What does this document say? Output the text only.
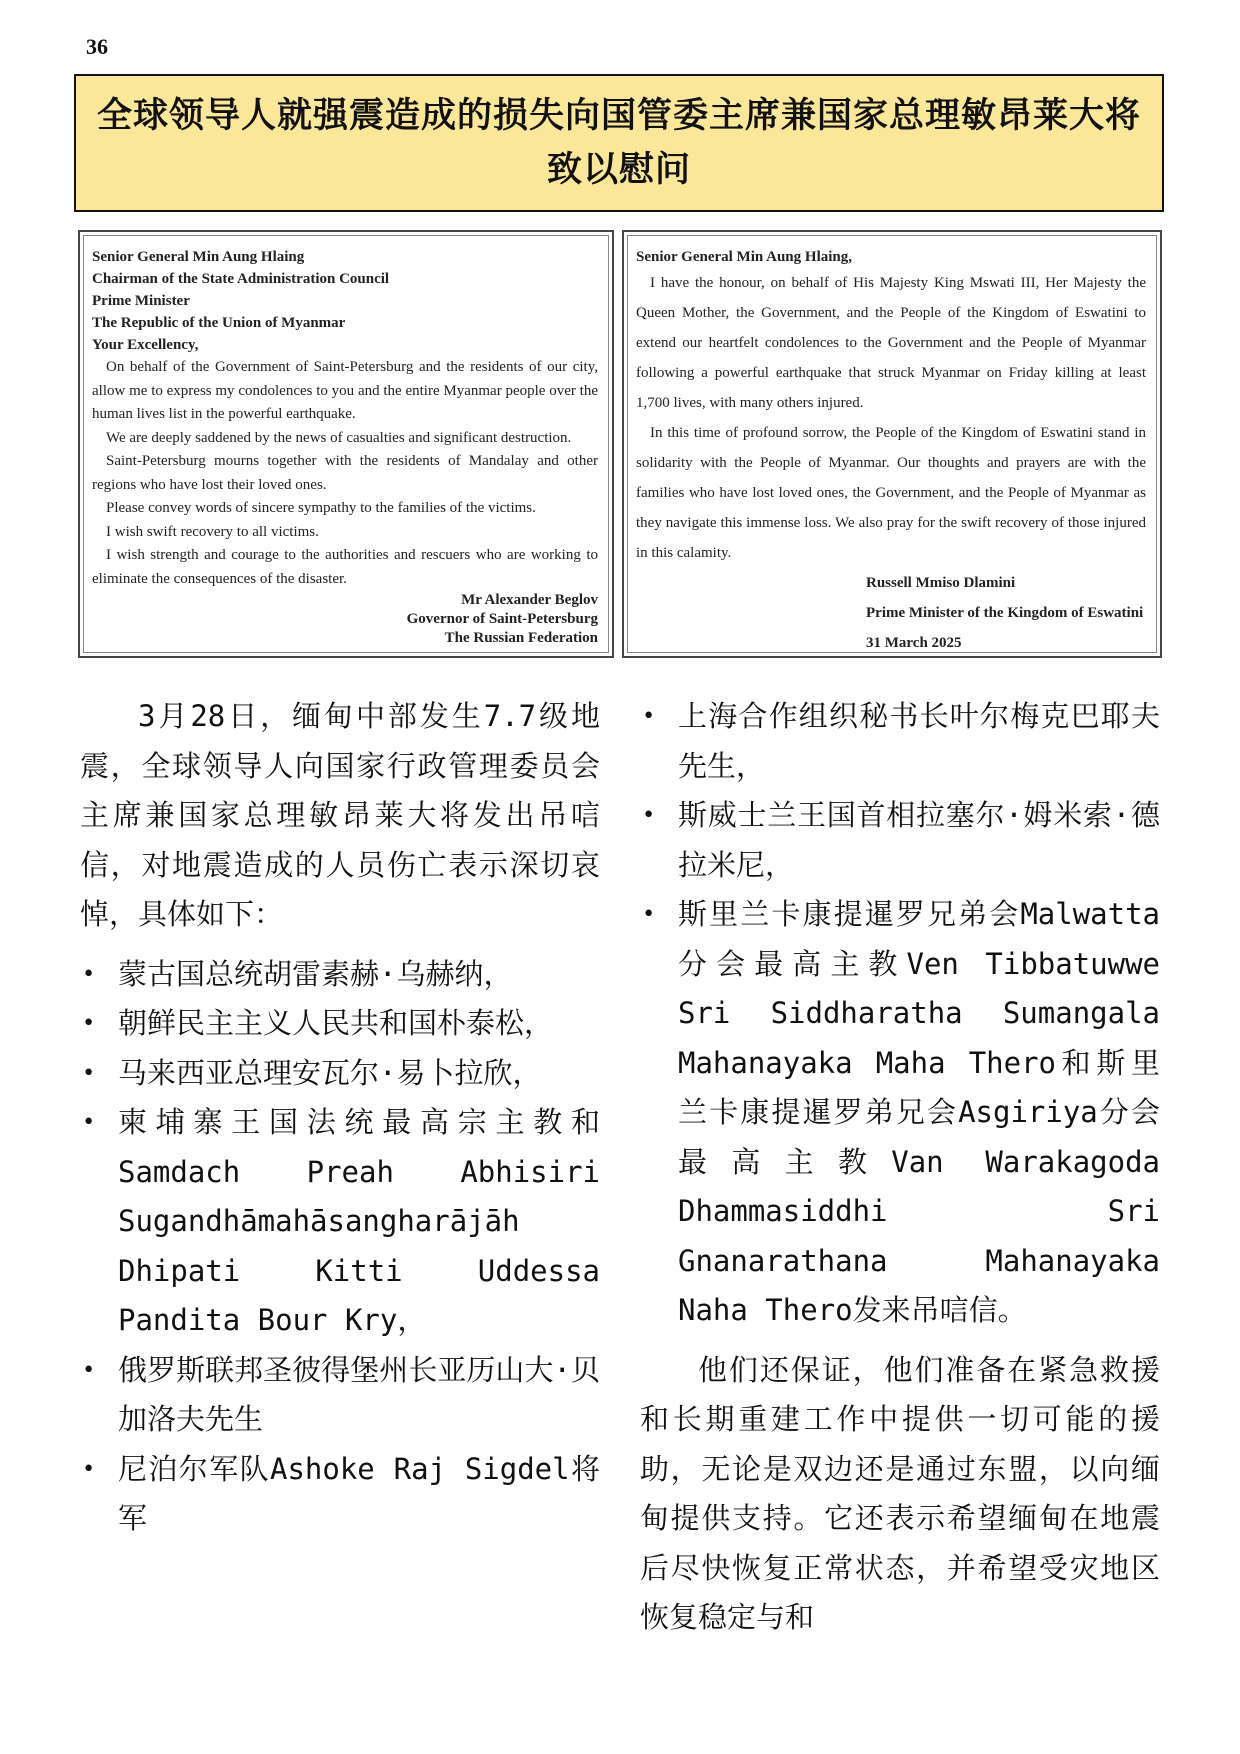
36
全球领导人就强震造成的损失向国管委主席兼国家总理敏昂莱大将致以慰问
Senior General Min Aung Hlaing
Chairman of the State Administration Council
Prime Minister
The Republic of the Union of Myanmar
Your Excellency,

On behalf of the Government of Saint-Petersburg and the residents of our city, allow me to express my condolences to you and the entire Myanmar people over the human lives list in the powerful earthquake.

We are deeply saddened by the news of casualties and significant destruction.

Saint-Petersburg mourns together with the residents of Mandalay and other regions who have lost their loved ones.

Please convey words of sincere sympathy to the families of the victims.

I wish swift recovery to all victims.

I wish strength and courage to the authorities and rescuers who are working to eliminate the consequences of the disaster.

Mr Alexander Beglov
Governor of Saint-Petersburg
The Russian Federation
Senior General Min Aung Hlaing,

I have the honour, on behalf of His Majesty King Mswati III, Her Majesty the Queen Mother, the Government, and the People of the Kingdom of Eswatini to extend our heartfelt condolences to the Government and the People of Myanmar following a powerful earthquake that struck Myanmar on Friday killing at least 1,700 lives, with many others injured.

In this time of profound sorrow, the People of the Kingdom of Eswatini stand in solidarity with the People of Myanmar. Our thoughts and prayers are with the families who have lost loved ones, the Government, and the People of Myanmar as they navigate this immense loss. We also pray for the swift recovery of those injured in this calamity.

Russell Mmiso Dlamini
Prime Minister of the Kingdom of Eswatini
31 March 2025

3月28日，缅甸中部发生7.7级地震，全球领导人向国家行政管理委员会主席兼国家总理敏昂莱大将发出吊唁信，对地震造成的人员伤亡表示深切哀悼，具体如下：

• 蒙古国总统胡雷素赫·乌赫纳，
• 朝鲜民主主义人民共和国朴泰松，
• 马来西亚总理安瓦尔·易卜拉欣，
• 柬埔寨王国法统最高宗主教和Samdach Preah Abhisiri Sugandhāmahāsangharājāh Dhipati Kitti Uddessa Pandita Bour Kry，
• 俄罗斯联邦圣彼得堡州长亚历山大·贝加洛夫先生
• 尼泊尔军队Ashoke Raj Sigdel将军
• 上海合作组织秘书长叶尔梅克巴耶夫先生，
• 斯威士兰王国首相拉塞尔·姆米索·德拉米尼，
• 斯里兰卡康提暹罗兄弟会Malwatta分会最高主教Ven Tibbatuwwe Sri Siddharatha Sumangala Mahanayaka Maha Thero和斯里兰卡康提暹罗弟兄会Asgiriya分会最高主教Van Warakagoda Dhammasiddhi Sri Gnanarathana Mahanayaka Naha Thero发来吊唁信。

他们还保证，他们准备在紧急救援和长期重建工作中提供一切可能的援助，无论是双边还是通过东盟，以向缅甸提供支持。它还表示希望缅甸在地震后尽快恢复正常状态，并希望受灾地区恢复稳定与和
